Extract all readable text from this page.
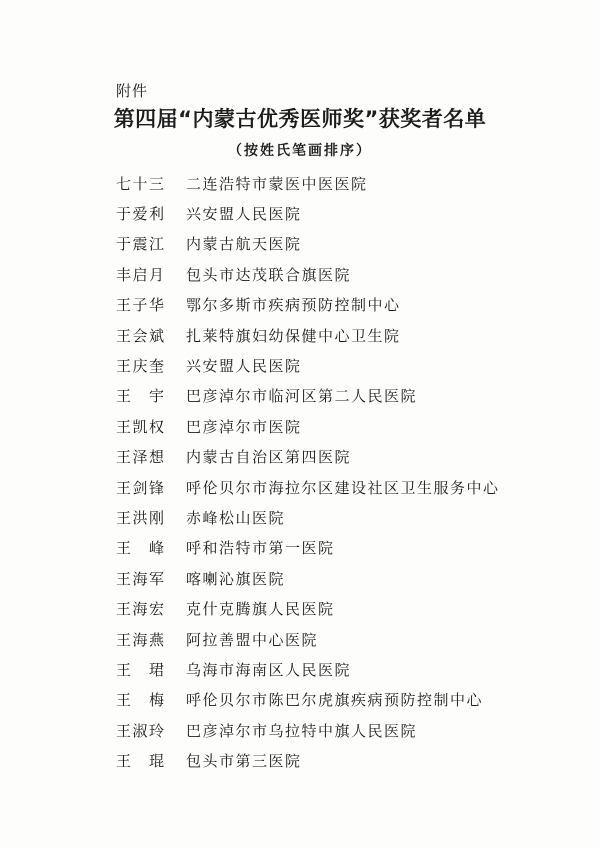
附件
第四届“内蒙古优秀医师奖”获奖者名单
（按姓氏笔画排序）
七十三	二连浩特市蒙医中医医院
于爱利	兴安盟人民医院
于震江	内蒙古航天医院
丰启月	包头市达茂联合旗医院
王子华	鄂尔多斯市疾病预防控制中心
王会斌	扎莱特旗妇幼保健中心卫生院
王庆奎	兴安盟人民医院
王　宇	巴彦淖尔市临河区第二人民医院
王凯权	巴彦淖尔市医院
王泽想	内蒙古自治区第四医院
王剑锋	呼伦贝尔市海拉尔区建设社区卫生服务中心
王洪刚	赤峰松山医院
王　峰	呼和浩特市第一医院
王海军	喀喇沁旗医院
王海宏	克什克腾旗人民医院
王海燕	阿拉善盟中心医院
王　珺	乌海市海南区人民医院
王　梅	呼伦贝尔市陈巴尔虎旗疾病预防控制中心
王淑玲	巴彦淖尔市乌拉特中旗人民医院
王　琨	包头市第三医院
